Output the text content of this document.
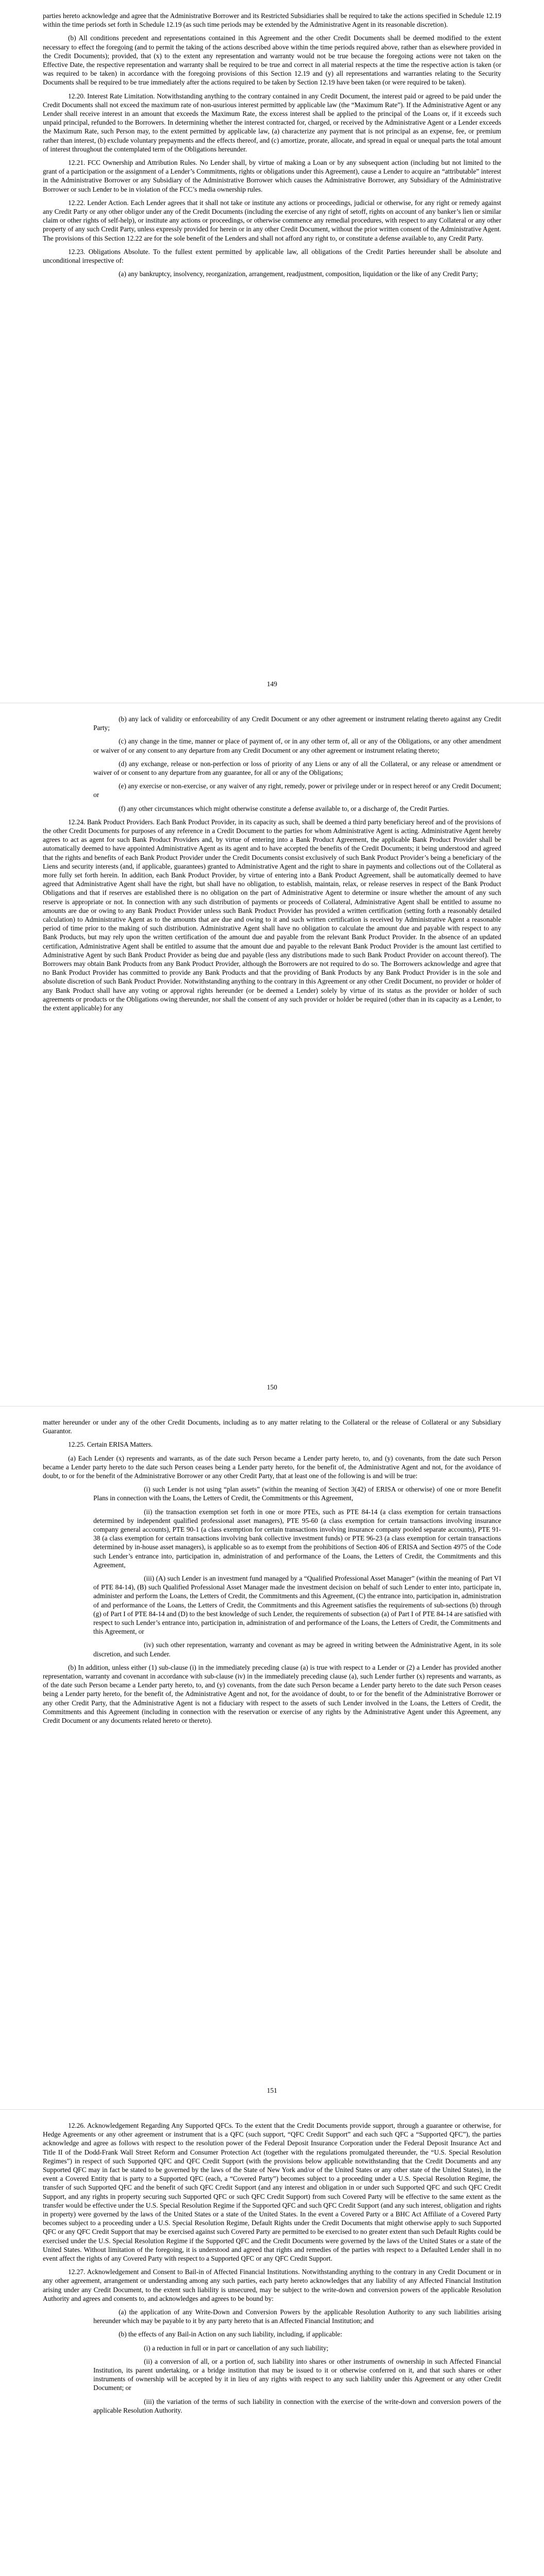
parties hereto acknowledge and agree that the Administrative Borrower and its Restricted Subsidiaries shall be required to take the actions specified in Schedule 12.19 within the time periods set forth in Schedule 12.19 (as such time periods may be extended by the Administrative Agent in its reasonable discretion).

(b) All conditions precedent and representations contained in this Agreement and the other Credit Documents shall be deemed modified to the extent necessary to effect the foregoing (and to permit the taking of the actions described above within the time periods required above, rather than as elsewhere provided in the Credit Documents); provided, that (x) to the extent any representation and warranty would not be true because the foregoing actions were not taken on the Effective Date, the respective representation and warranty shall be required to be true and correct in all material respects at the time the respective action is taken (or was required to be taken) in accordance with the foregoing provisions of this Section 12.19 and (y) all representations and warranties relating to the Security Documents shall be required to be true immediately after the actions required to be taken by Section 12.19 have been taken (or were required to be taken).

12.20. Interest Rate Limitation. Notwithstanding anything to the contrary contained in any Credit Document, the interest paid or agreed to be paid under the Credit Documents shall not exceed the maximum rate of non-usurious interest permitted by applicable law (the “Maximum Rate”). If the Administrative Agent or any Lender shall receive interest in an amount that exceeds the Maximum Rate, the excess interest shall be applied to the principal of the Loans or, if it exceeds such unpaid principal, refunded to the Borrowers. In determining whether the interest contracted for, charged, or received by the Administrative Agent or a Lender exceeds the Maximum Rate, such Person may, to the extent permitted by applicable law, (a) characterize any payment that is not principal as an expense, fee, or premium rather than interest, (b) exclude voluntary prepayments and the effects thereof, and (c) amortize, prorate, allocate, and spread in equal or unequal parts the total amount of interest throughout the contemplated term of the Obligations hereunder.

12.21. FCC Ownership and Attribution Rules. No Lender shall, by virtue of making a Loan or by any subsequent action (including but not limited to the grant of a participation or the assignment of a Lender’s Commitments, rights or obligations under this Agreement), cause a Lender to acquire an “attributable” interest in the Administrative Borrower or any Subsidiary of the Administrative Borrower which causes the Administrative Borrower, any Subsidiary of the Administrative Borrower or such Lender to be in violation of the FCC’s media ownership rules.

12.22. Lender Action. Each Lender agrees that it shall not take or institute any actions or proceedings, judicial or otherwise, for any right or remedy against any Credit Party or any other obligor under any of the Credit Documents (including the exercise of any right of setoff, rights on account of any banker’s lien or similar claim or other rights of self-help), or institute any actions or proceedings, or otherwise commence any remedial procedures, with respect to any Collateral or any other property of any such Credit Party, unless expressly provided for herein or in any other Credit Document, without the prior written consent of the Administrative Agent. The provisions of this Section 12.22 are for the sole benefit of the Lenders and shall not afford any right to, or constitute a defense available to, any Credit Party.

12.23. Obligations Absolute. To the fullest extent permitted by applicable law, all obligations of the Credit Parties hereunder shall be absolute and unconditional irrespective of:

(a) any bankruptcy, insolvency, reorganization, arrangement, readjustment, composition, liquidation or the like of any Credit Party;

149

(b) any lack of validity or enforceability of any Credit Document or any other agreement or instrument relating thereto against any Credit Party;

(c) any change in the time, manner or place of payment of, or in any other term of, all or any of the Obligations, or any other amendment or waiver of or any consent to any departure from any Credit Document or any other agreement or instrument relating thereto;

(d) any exchange, release or non-perfection or loss of priority of any Liens or any of all the Collateral, or any release or amendment or waiver of or consent to any departure from any guarantee, for all or any of the Obligations;

(e) any exercise or non-exercise, or any waiver of any right, remedy, power or privilege under or in respect hereof or any Credit Document; or

(f) any other circumstances which might otherwise constitute a defense available to, or a discharge of, the Credit Parties.

12.24. Bank Product Providers. Each Bank Product Provider, in its capacity as such, shall be deemed a third party beneficiary hereof and of the provisions of the other Credit Documents for purposes of any reference in a Credit Document to the parties for whom Administrative Agent is acting. Administrative Agent hereby agrees to act as agent for such Bank Product Providers and, by virtue of entering into a Bank Product Agreement, the applicable Bank Product Provider shall be automatically deemed to have appointed Administrative Agent as its agent and to have accepted the benefits of the Credit Documents; it being understood and agreed that the rights and benefits of each Bank Product Provider under the Credit Documents consist exclusively of such Bank Product Provider’s being a beneficiary of the Liens and security interests (and, if applicable, guarantees) granted to Administrative Agent and the right to share in payments and collections out of the Collateral as more fully set forth herein. In addition, each Bank Product Provider, by virtue of entering into a Bank Product Agreement, shall be automatically deemed to have agreed that Administrative Agent shall have the right, but shall have no obligation, to establish, maintain, relax, or release reserves in respect of the Bank Product Obligations and that if reserves are established there is no obligation on the part of Administrative Agent to determine or insure whether the amount of any such reserve is appropriate or not. In connection with any such distribution of payments or proceeds of Collateral, Administrative Agent shall be entitled to assume no amounts are due or owing to any Bank Product Provider unless such Bank Product Provider has provided a written certification (setting forth a reasonably detailed calculation) to Administrative Agent as to the amounts that are due and owing to it and such written certification is received by Administrative Agent a reasonable period of time prior to the making of such distribution. Administrative Agent shall have no obligation to calculate the amount due and payable with respect to any Bank Products, but may rely upon the written certification of the amount due and payable from the relevant Bank Product Provider. In the absence of an updated certification, Administrative Agent shall be entitled to assume that the amount due and payable to the relevant Bank Product Provider is the amount last certified to Administrative Agent by such Bank Product Provider as being due and payable (less any distributions made to such Bank Product Provider on account thereof). The Borrowers may obtain Bank Products from any Bank Product Provider, although the Borrowers are not required to do so. The Borrowers acknowledge and agree that no Bank Product Provider has committed to provide any Bank Products and that the providing of Bank Products by any Bank Product Provider is in the sole and absolute discretion of such Bank Product Provider. Notwithstanding anything to the contrary in this Agreement or any other Credit Document, no provider or holder of any Bank Product shall have any voting or approval rights hereunder (or be deemed a Lender) solely by virtue of its status as the provider or holder of such agreements or products or the Obligations owing thereunder, nor shall the consent of any such provider or holder be required (other than in its capacity as a Lender, to the extent applicable) for any

150

matter hereunder or under any of the other Credit Documents, including as to any matter relating to the Collateral or the release of Collateral or any Subsidiary Guarantor.

12.25. Certain ERISA Matters.

(a) Each Lender (x) represents and warrants, as of the date such Person became a Lender party hereto, to, and (y) covenants, from the date such Person became a Lender party hereto to the date such Person ceases being a Lender party hereto, for the benefit of, the Administrative Agent and not, for the avoidance of doubt, to or for the benefit of the Administrative Borrower or any other Credit Party, that at least one of the following is and will be true:

(i) such Lender is not using “plan assets” (within the meaning of Section 3(42) of ERISA or otherwise) of one or more Benefit Plans in connection with the Loans, the Letters of Credit, the Commitments or this Agreement,

(ii) the transaction exemption set forth in one or more PTEs, such as PTE 84-14 (a class exemption for certain transactions determined by independent qualified professional asset managers), PTE 95-60 (a class exemption for certain transactions involving insurance company general accounts), PTE 90-1 (a class exemption for certain transactions involving insurance company pooled separate accounts), PTE 91-38 (a class exemption for certain transactions involving bank collective investment funds) or PTE 96-23 (a class exemption for certain transactions determined by in-house asset managers), is applicable so as to exempt from the prohibitions of Section 406 of ERISA and Section 4975 of the Code such Lender’s entrance into, participation in, administration of and performance of the Loans, the Letters of Credit, the Commitments and this Agreement,

(iii) (A) such Lender is an investment fund managed by a “Qualified Professional Asset Manager” (within the meaning of Part VI of PTE 84-14), (B) such Qualified Professional Asset Manager made the investment decision on behalf of such Lender to enter into, participate in, administer and perform the Loans, the Letters of Credit, the Commitments and this Agreement, (C) the entrance into, participation in, administration of and performance of the Loans, the Letters of Credit, the Commitments and this Agreement satisfies the requirements of sub-sections (b) through (g) of Part I of PTE 84-14 and (D) to the best knowledge of such Lender, the requirements of subsection (a) of Part I of PTE 84-14 are satisfied with respect to such Lender’s entrance into, participation in, administration of and performance of the Loans, the Letters of Credit, the Commitments and this Agreement, or

(iv) such other representation, warranty and covenant as may be agreed in writing between the Administrative Agent, in its sole discretion, and such Lender.

(b) In addition, unless either (1) sub-clause (i) in the immediately preceding clause (a) is true with respect to a Lender or (2) a Lender has provided another representation, warranty and covenant in accordance with sub-clause (iv) in the immediately preceding clause (a), such Lender further (x) represents and warrants, as of the date such Person became a Lender party hereto, to, and (y) covenants, from the date such Person became a Lender party hereto to the date such Person ceases being a Lender party hereto, for the benefit of, the Administrative Agent and not, for the avoidance of doubt, to or for the benefit of the Administrative Borrower or any other Credit Party, that the Administrative Agent is not a fiduciary with respect to the assets of such Lender involved in the Loans, the Letters of Credit, the Commitments and this Agreement (including in connection with the reservation or exercise of any rights by the Administrative Agent under this Agreement, any Credit Document or any documents related hereto or thereto).

151

12.26. Acknowledgement Regarding Any Supported QFCs. To the extent that the Credit Documents provide support, through a guarantee or otherwise, for Hedge Agreements or any other agreement or instrument that is a QFC (such support, “QFC Credit Support” and each such QFC a “Supported QFC”), the parties acknowledge and agree as follows with respect to the resolution power of the Federal Deposit Insurance Corporation under the Federal Deposit Insurance Act and Title II of the Dodd-Frank Wall Street Reform and Consumer Protection Act (together with the regulations promulgated thereunder, the “U.S. Special Resolution Regimes”) in respect of such Supported QFC and QFC Credit Support (with the provisions below applicable notwithstanding that the Credit Documents and any Supported QFC may in fact be stated to be governed by the laws of the State of New York and/or of the United States or any other state of the United States), in the event a Covered Entity that is party to a Supported QFC (each, a “Covered Party”) becomes subject to a proceeding under a U.S. Special Resolution Regime, the transfer of such Supported QFC and the benefit of such QFC Credit Support (and any interest and obligation in or under such Supported QFC and such QFC Credit Support, and any rights in property securing such Supported QFC or such QFC Credit Support) from such Covered Party will be effective to the same extent as the transfer would be effective under the U.S. Special Resolution Regime if the Supported QFC and such QFC Credit Support (and any such interest, obligation and rights in property) were governed by the laws of the United States or a state of the United States. In the event a Covered Party or a BHC Act Affiliate of a Covered Party becomes subject to a proceeding under a U.S. Special Resolution Regime, Default Rights under the Credit Documents that might otherwise apply to such Supported QFC or any QFC Credit Support that may be exercised against such Covered Party are permitted to be exercised to no greater extent than such Default Rights could be exercised under the U.S. Special Resolution Regime if the Supported QFC and the Credit Documents were governed by the laws of the United States or a state of the United States. Without limitation of the foregoing, it is understood and agreed that rights and remedies of the parties with respect to a Defaulted Lender shall in no event affect the rights of any Covered Party with respect to a Supported QFC or any QFC Credit Support.

12.27. Acknowledgement and Consent to Bail-in of Affected Financial Institutions. Notwithstanding anything to the contrary in any Credit Document or in any other agreement, arrangement or understanding among any such parties, each party hereto acknowledges that any liability of any Affected Financial Institution arising under any Credit Document, to the extent such liability is unsecured, may be subject to the write-down and conversion powers of the applicable Resolution Authority and agrees and consents to, and acknowledges and agrees to be bound by:

(a) the application of any Write-Down and Conversion Powers by the applicable Resolution Authority to any such liabilities arising hereunder which may be payable to it by any party hereto that is an Affected Financial Institution; and

(b) the effects of any Bail-in Action on any such liability, including, if applicable:

(i) a reduction in full or in part or cancellation of any such liability;

(ii) a conversion of all, or a portion of, such liability into shares or other instruments of ownership in such Affected Financial Institution, its parent undertaking, or a bridge institution that may be issued to it or otherwise conferred on it, and that such shares or other instruments of ownership will be accepted by it in lieu of any rights with respect to any such liability under this Agreement or any other Credit Document; or

(iii) the variation of the terms of such liability in connection with the exercise of the write-down and conversion powers of the applicable Resolution Authority.
